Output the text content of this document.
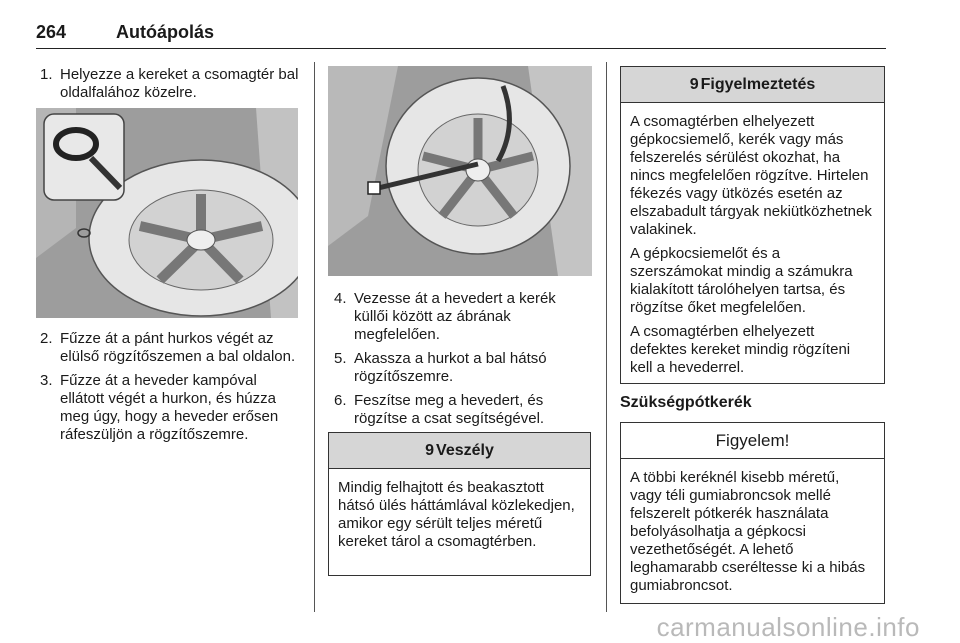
264	Autóápolás
1. Helyezze a kereket a csomagtér bal oldalfalához közelre.
2. Fűzze át a pánt hurkos végét az elülső rögzítőszemen a bal oldalon.
3. Fűzze át a heveder kampóval ellátott végét a hurkon, és húzza meg úgy, hogy a heveder erősen ráfeszüljön a rögzítőszemre.
4. Vezesse át a hevedert a kerék küllői között az ábrának megfelelően.
5. Akassza a hurkot a bal hátsó rögzítőszemre.
6. Feszítse meg a hevedert, és rögzítse a csat segítségével.
9 Veszély

Mindig felhajtott és beakasztott hátsó ülés háttámlával közlekedjen, amikor egy sérült teljes méretű kereket tárol a csomagtérben.

9 Figyelmeztetés

A csomagtérben elhelyezett gépkocsiemelő, kerék vagy más felszerelés sérülést okozhat, ha nincs megfelelően rögzítve. Hirtelen fékezés vagy ütközés esetén az elszabadult tárgyak nekiütközhetnek valakinek.

A gépkocsiemelőt és a szerszámokat mindig a számukra kialakított tárolóhelyen tartsa, és rögzítse őket megfelelően.

A csomagtérben elhelyezett defektes kereket mindig rögzíteni kell a hevederrel.

Szükségpótkerék
Figyelem!

A többi keréknél kisebb méretű, vagy téli gumiabroncsok mellé felszerelt pótkerék használata befolyásolhatja a gépkocsi vezethetőségét. A lehető leghamarabb cseréltesse ki a hibás gumiabroncsot.

carmanualsonline.info
